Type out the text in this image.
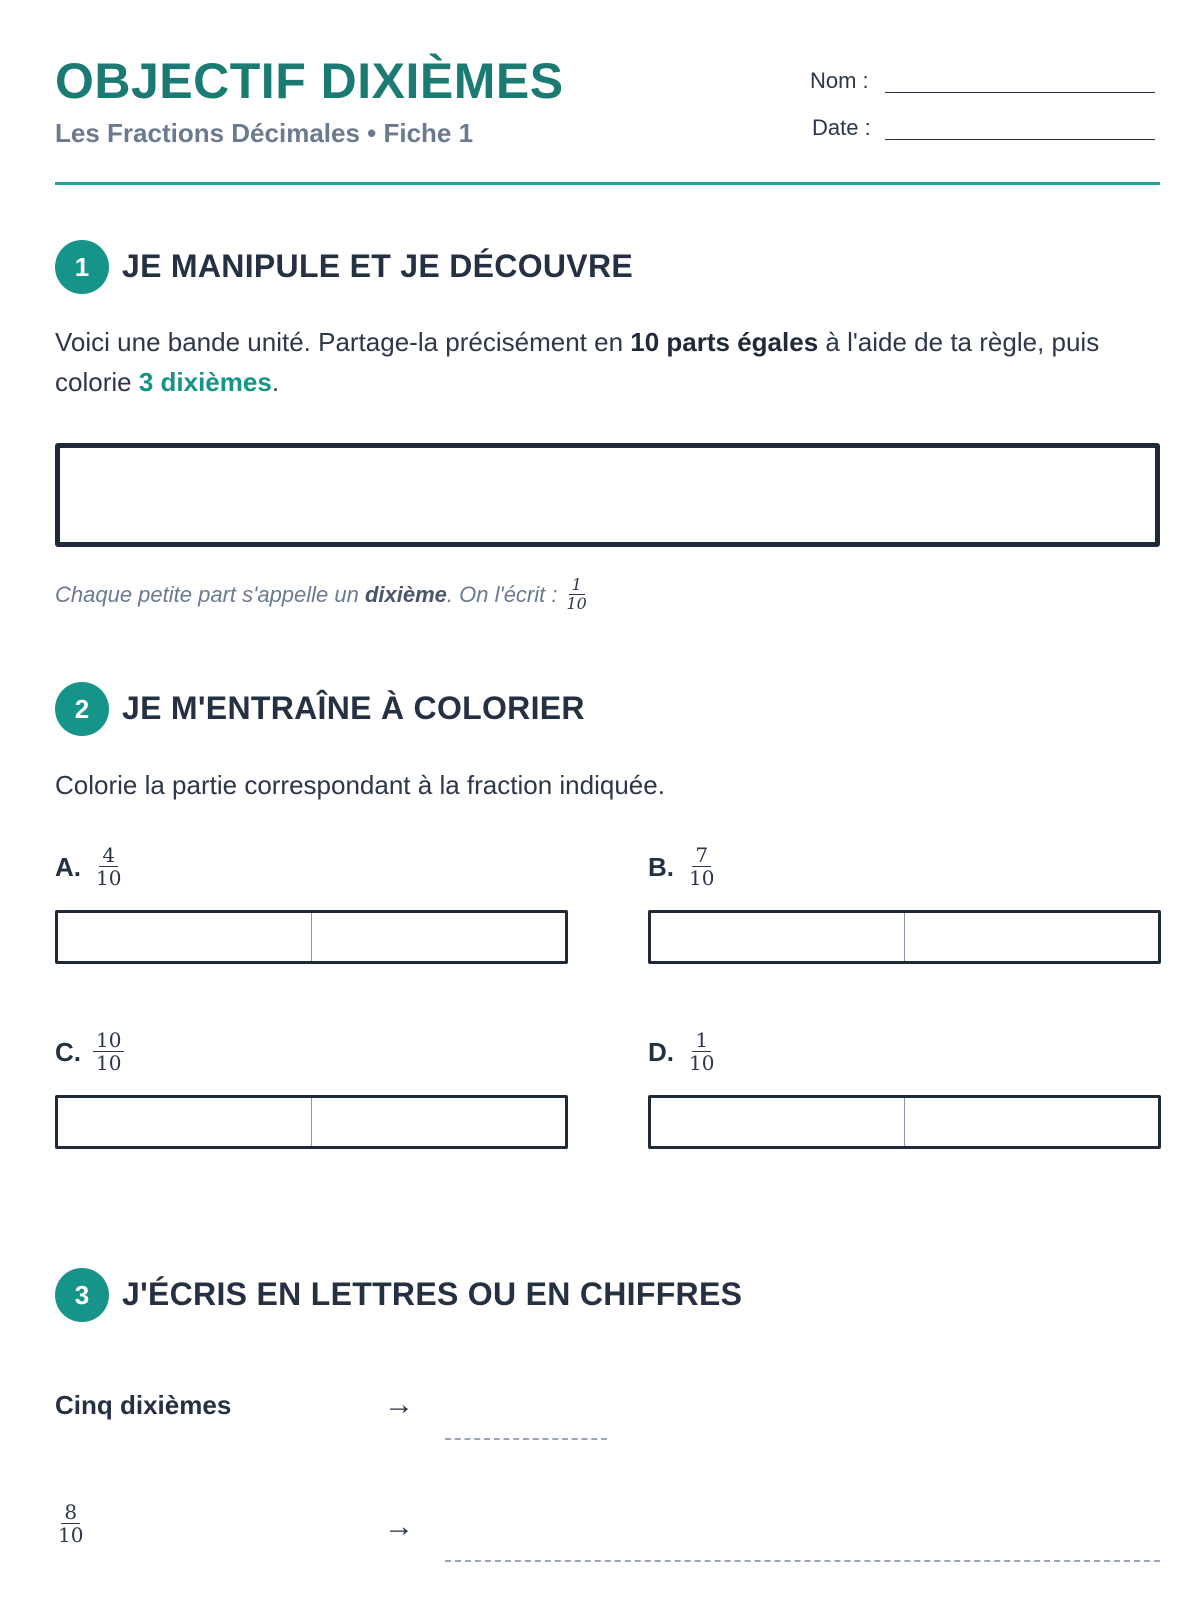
OBJECTIF DIXIÈMES
Les Fractions Décimales • Fiche 1
Nom :
Date :
1	JE MANIPULE ET JE DÉCOUVRE
Voici une bande unité. Partage-la précisément en 10 parts égales à l'aide de ta règle, puis colorie 3 dixièmes.
Chaque petite part s'appelle un dixième. On l'écrit : $\frac{1}{10}$
2	JE M'ENTRAÎNE À COLORIER
Colorie la partie correspondant à la fraction indiquée.
A. $\frac{4}{10}$	B. $\frac{7}{10}$
C. $\frac{10}{10}$	D. $\frac{1}{10}$
3	J'ÉCRIS EN LETTRES OU EN CHIFFRES
Cinq dixièmes	→
$\frac{8}{10}$	→
